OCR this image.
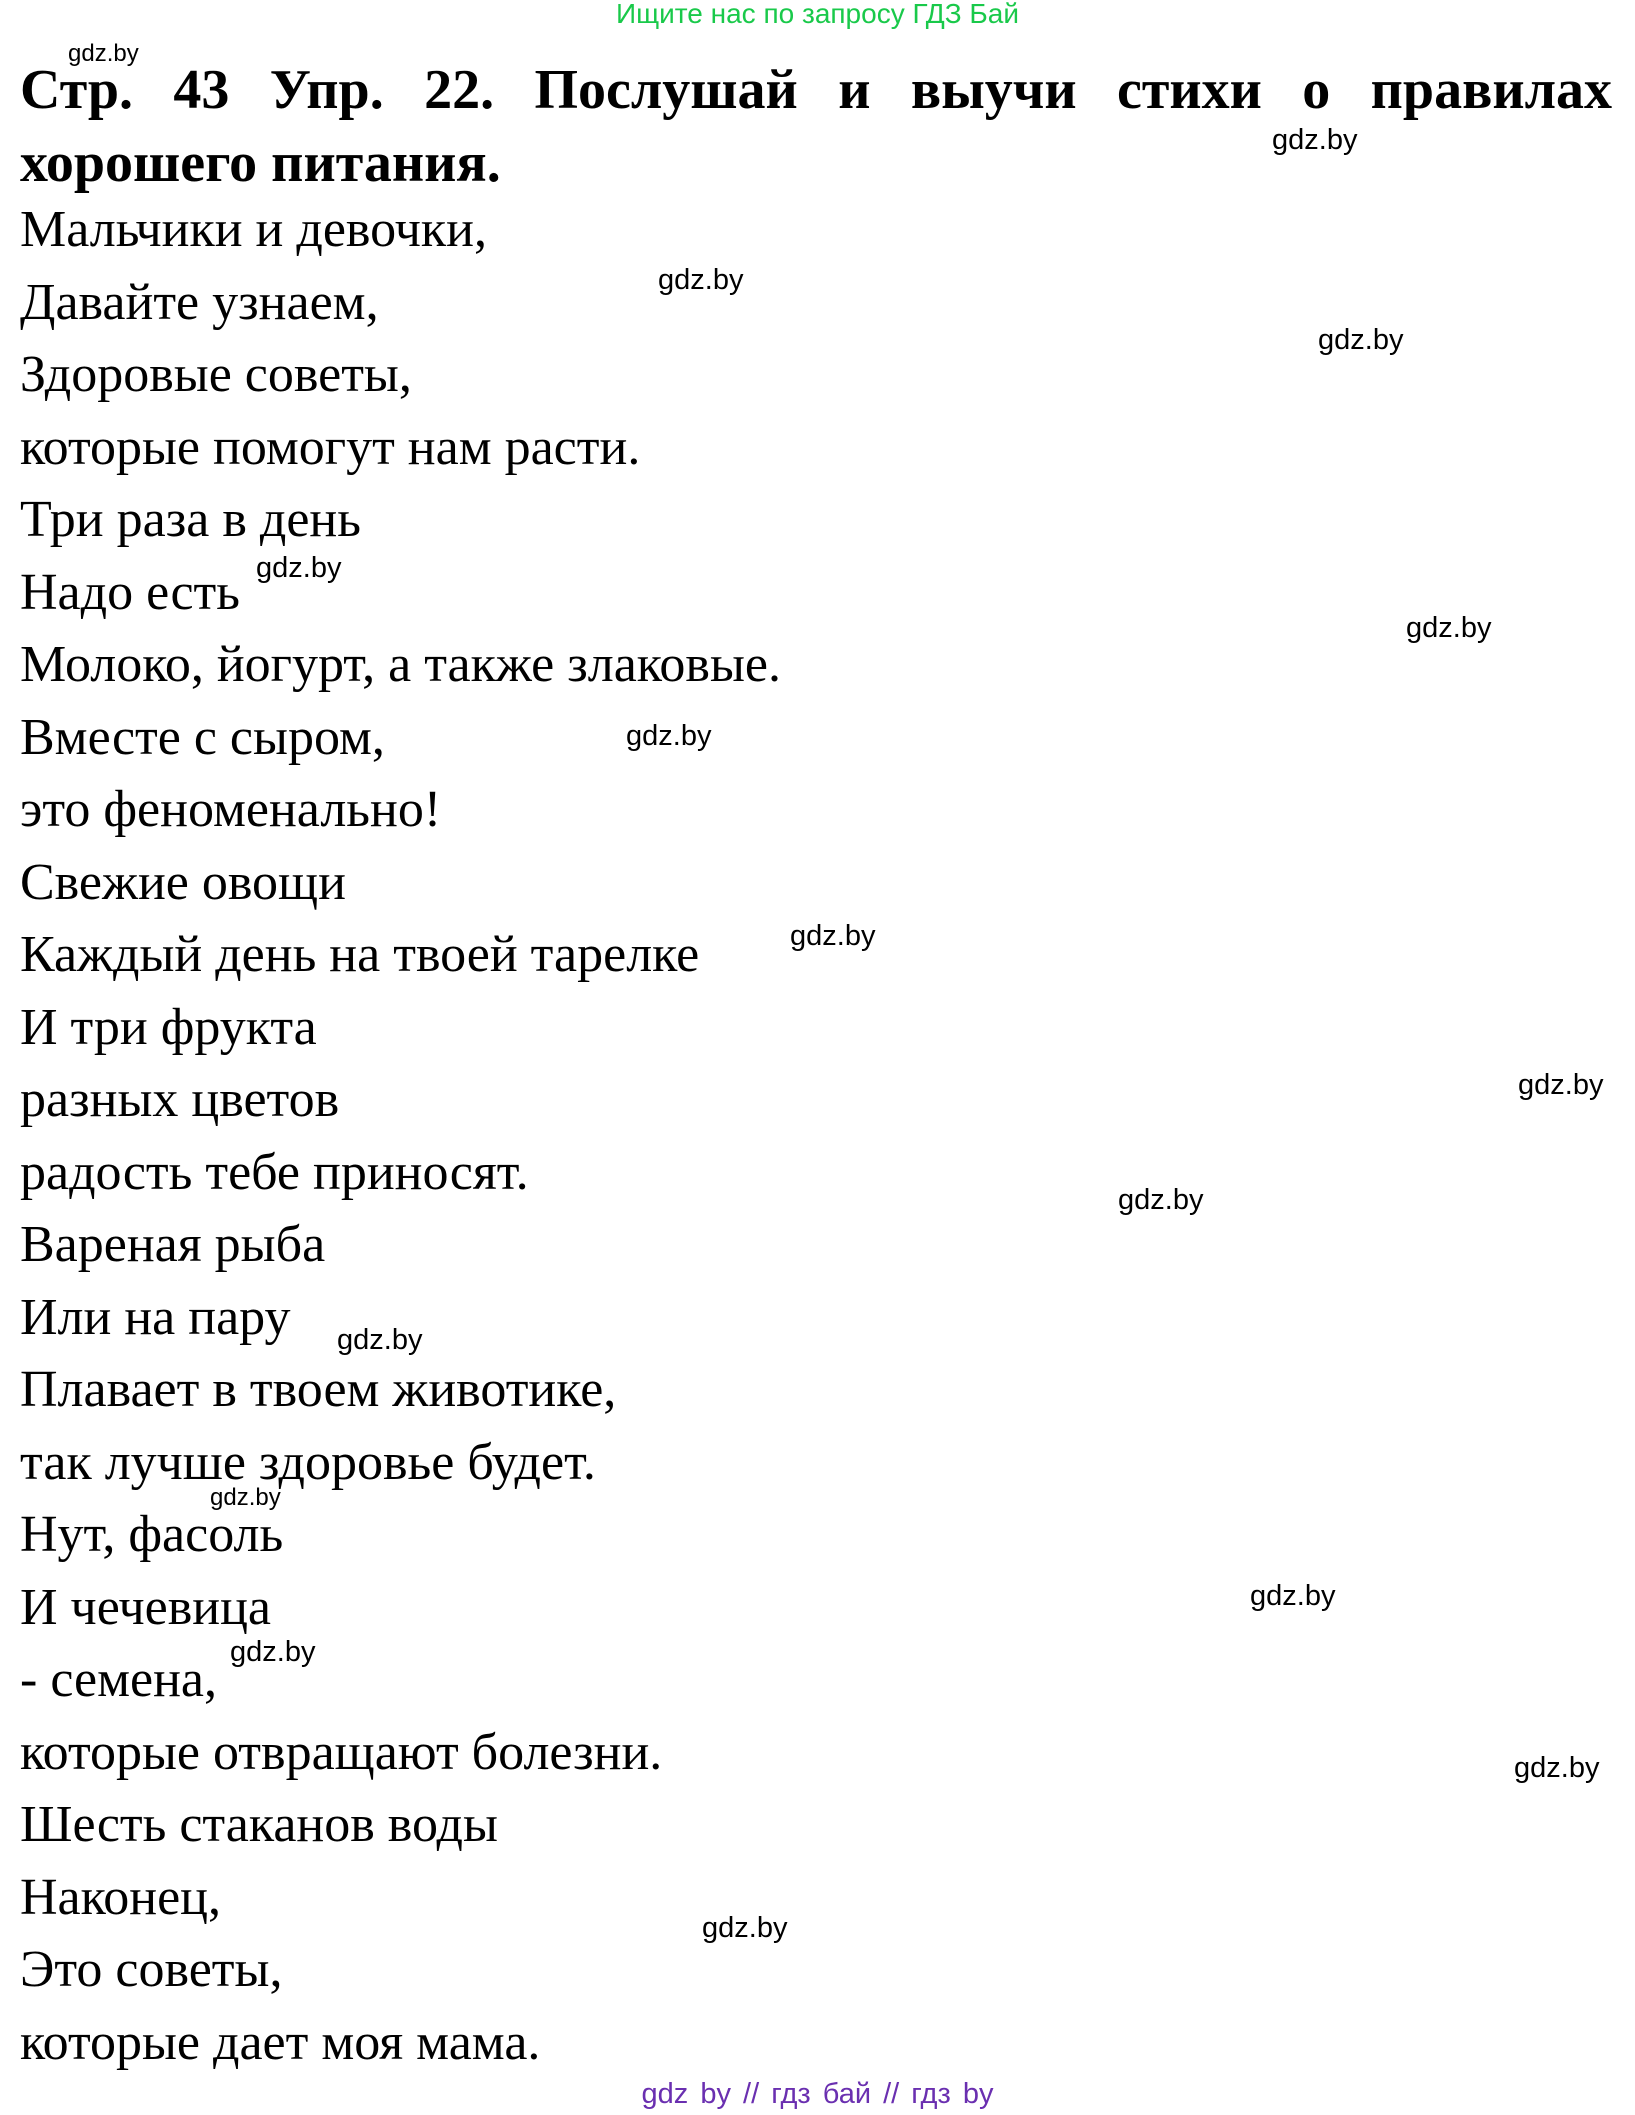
Ищите нас по запросу ГДЗ Бай
Стр. 43 Упр. 22. Послушай и выучи стихи о правилах хорошего питания.
Мальчики и девочки,
Давайте узнаем,
Здоровые советы,
которые помогут нам расти.
Три раза в день
Надо есть
Молоко, йогурт, а также злаковые.
Вместе с сыром,
это феноменально!
Свежие овощи
Каждый день на твоей тарелке
И три фрукта
разных цветов
радость тебе приносят.
Вареная рыба
Или на пару
Плавает в твоем животике,
так лучше здоровье будет.
Нут, фасоль
И чечевица
- семена,
которые отвращают болезни.
Шесть стаканов воды
Наконец,
Это советы,
которые дает моя мама.
gdz.by
gdz.by
gdz.by
gdz.by
gdz.by
gdz.by
gdz.by
gdz.by
gdz.by
gdz.by
gdz.by
gdz.by
gdz.by
gdz.by
gdz.by
gdz.by
gdz by // гдз бай // гдз by
